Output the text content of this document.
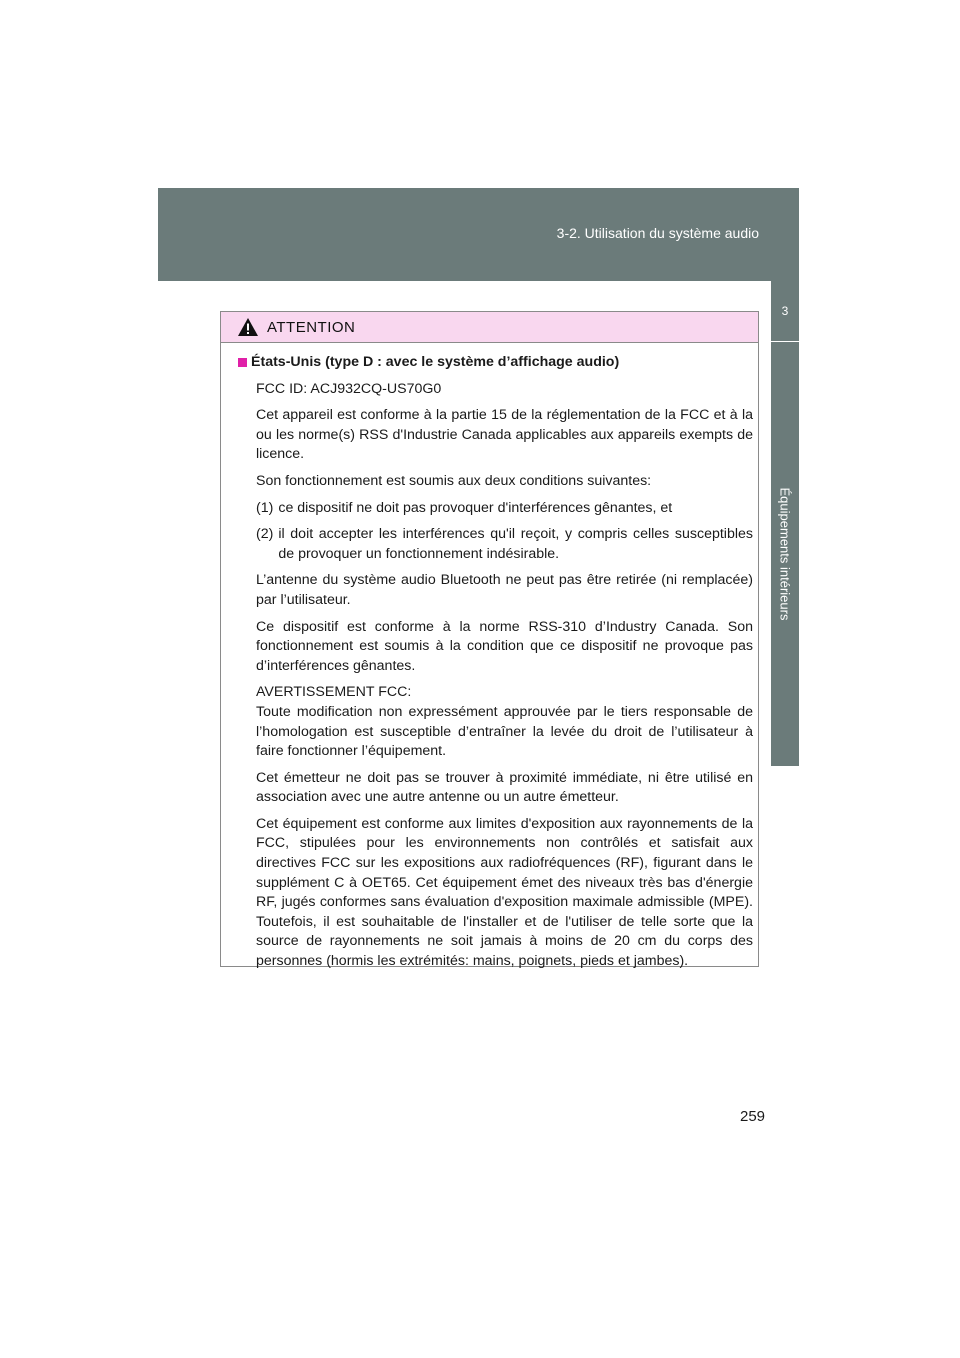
3-2. Utilisation du système audio
3
Équipements intérieurs
ATTENTION
États-Unis (type D : avec le système d’affichage audio)
FCC ID: ACJ932CQ-US70G0
Cet appareil est conforme à la partie 15 de la réglementation de la FCC et à la ou les norme(s) RSS d'Industrie Canada applicables aux appareils exempts de licence.
Son fonctionnement est soumis aux deux conditions suivantes:
(1) ce dispositif ne doit pas provoquer d'interférences gênantes, et
(2) il doit accepter les interférences qu'il reçoit, y compris celles susceptibles de provoquer un fonctionnement indésirable.
L’antenne du système audio Bluetooth ne peut pas être retirée (ni remplacée) par l’utilisateur.
Ce dispositif est conforme à la norme RSS-310 d’Industry Canada. Son fonctionnement est soumis à la condition que ce dispositif ne provoque pas d’interférences gênantes.
AVERTISSEMENT FCC:
Toute modification non expressément approuvée par le tiers responsable de l’homologation est susceptible d’entraîner la levée du droit de l’utilisateur à faire fonctionner l’équipement.
Cet émetteur ne doit pas se trouver à proximité immédiate, ni être utilisé en association avec une autre antenne ou un autre émetteur.
Cet équipement est conforme aux limites d'exposition aux rayonnements de la FCC, stipulées pour les environnements non contrôlés et satisfait aux directives FCC sur les expositions aux radiofréquences (RF), figurant dans le supplément C à OET65. Cet équipement émet des niveaux très bas d'énergie RF, jugés conformes sans évaluation d'exposition maximale admissible (MPE). Toutefois, il est souhaitable de l'installer et de l'utiliser de telle sorte que la source de rayonnements ne soit jamais à moins de 20 cm du corps des personnes (hormis les extrémités: mains, poignets, pieds et jambes).
259
